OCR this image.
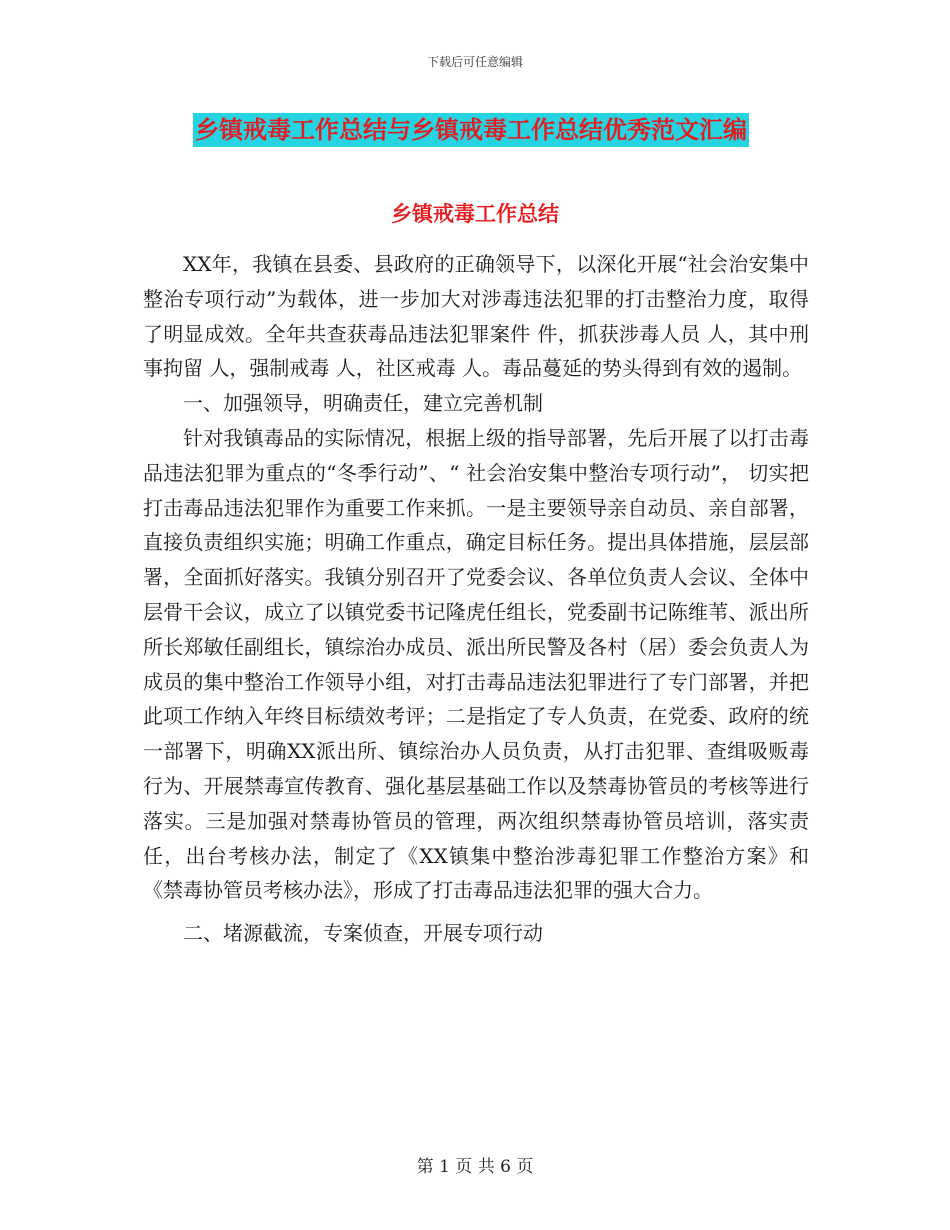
下载后可任意编辑
乡镇戒毒工作总结与乡镇戒毒工作总结优秀范文汇编
乡镇戒毒工作总结

XX年，我镇在县委、县政府的正确领导下，以深化开展“社会治安集中整治专项行动”为载体，进一步加大对涉毒违法犯罪的打击整治力度，取得了明显成效。全年共查获毒品违法犯罪案件 件，抓获涉毒人员 人，其中刑事拘留 人，强制戒毒 人，社区戒毒 人。毒品蔓延的势头得到有效的遏制。

一、加强领导，明确责任，建立完善机制

针对我镇毒品的实际情况，根据上级的指导部署，先后开展了以打击毒品违法犯罪为重点的“冬季行动”、“ 社会治安集中整治专项行动”， 切实把打击毒品违法犯罪作为重要工作来抓。一是主要领导亲自动员、亲自部署，直接负责组织实施；明确工作重点，确定目标任务。提出具体措施，层层部署，全面抓好落实。我镇分别召开了党委会议、各单位负责人会议、全体中层骨干会议，成立了以镇党委书记隆虎任组长，党委副书记陈维苇、派出所所长郑敏任副组长，镇综治办成员、派出所民警及各村（居）委会负责人为成员的集中整治工作领导小组，对打击毒品违法犯罪进行了专门部署，并把此项工作纳入年终目标绩效考评；二是指定了专人负责，在党委、政府的统一部署下，明确XX派出所、镇综治办人员负责，从打击犯罪、查缉吸贩毒行为、开展禁毒宣传教育、强化基层基础工作以及禁毒协管员的考核等进行落实。三是加强对禁毒协管员的管理，两次组织禁毒协管员培训，落实责任，出台考核办法，制定了《XX镇集中整治涉毒犯罪工作整治方案》和《禁毒协管员考核办法》，形成了打击毒品违法犯罪的强大合力。

二、堵源截流，专案侦查，开展专项行动

第 1 页 共 6 页
